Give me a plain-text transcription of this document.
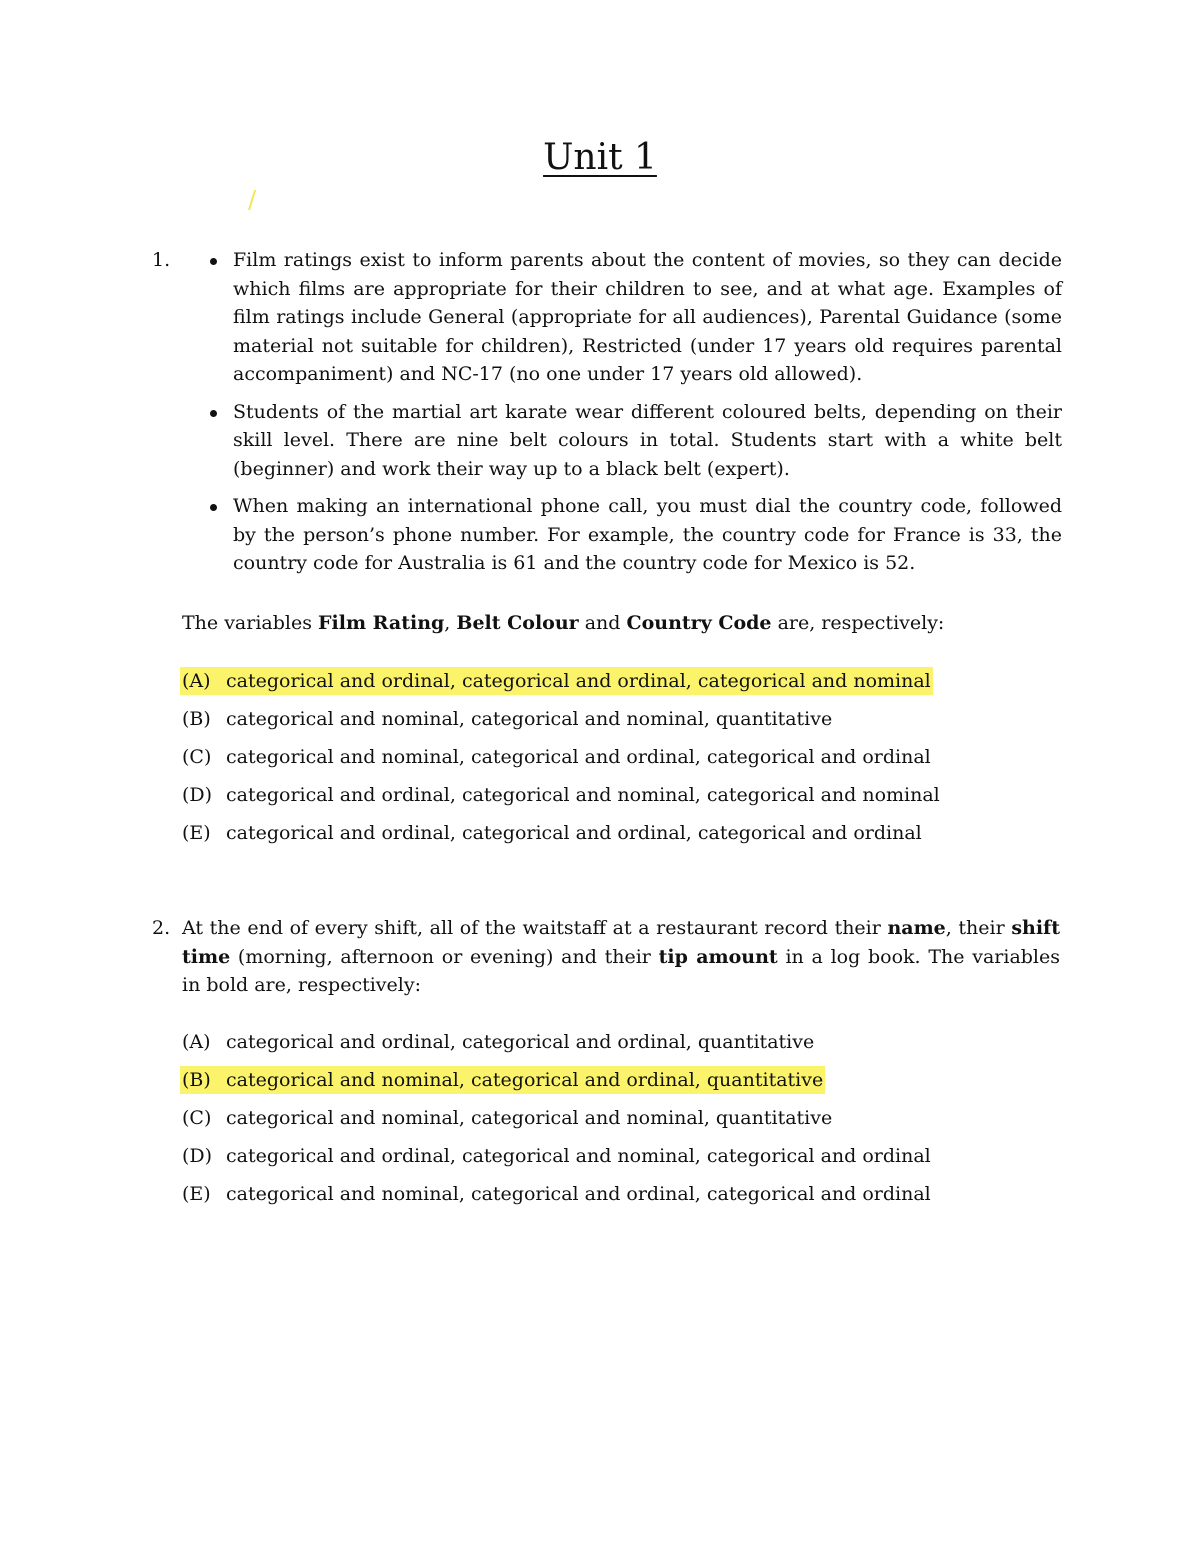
Unit 1
/
1.	Film ratings exist to inform parents about the content of movies, so they can decide which films are appropriate for their children to see, and at what age. Examples of film ratings include General (appropriate for all audiences), Parental Guidance (some material not suitable for children), Restricted (under 17 years old requires parental accompaniment) and NC-17 (no one under 17 years old allowed).
Students of the martial art karate wear different coloured belts, depending on their skill level. There are nine belt colours in total. Students start with a white belt (beginner) and work their way up to a black belt (expert).
When making an international phone call, you must dial the country code, followed by the person’s phone number. For example, the country code for France is 33, the country code for Australia is 61 and the country code for Mexico is 52.

The variables Film Rating, Belt Colour and Country Code are, respectively:

(A) categorical and ordinal, categorical and ordinal, categorical and nominal
(B) categorical and nominal, categorical and nominal, quantitative
(C) categorical and nominal, categorical and ordinal, categorical and ordinal
(D) categorical and ordinal, categorical and nominal, categorical and nominal
(E) categorical and ordinal, categorical and ordinal, categorical and ordinal
2. At the end of every shift, all of the waitstaff at a restaurant record their name, their shift time (morning, afternoon or evening) and their tip amount in a log book. The variables in bold are, respectively:

(A) categorical and ordinal, categorical and ordinal, quantitative
(B) categorical and nominal, categorical and ordinal, quantitative
(C) categorical and nominal, categorical and nominal, quantitative
(D) categorical and ordinal, categorical and nominal, categorical and ordinal
(E) categorical and nominal, categorical and ordinal, categorical and ordinal
